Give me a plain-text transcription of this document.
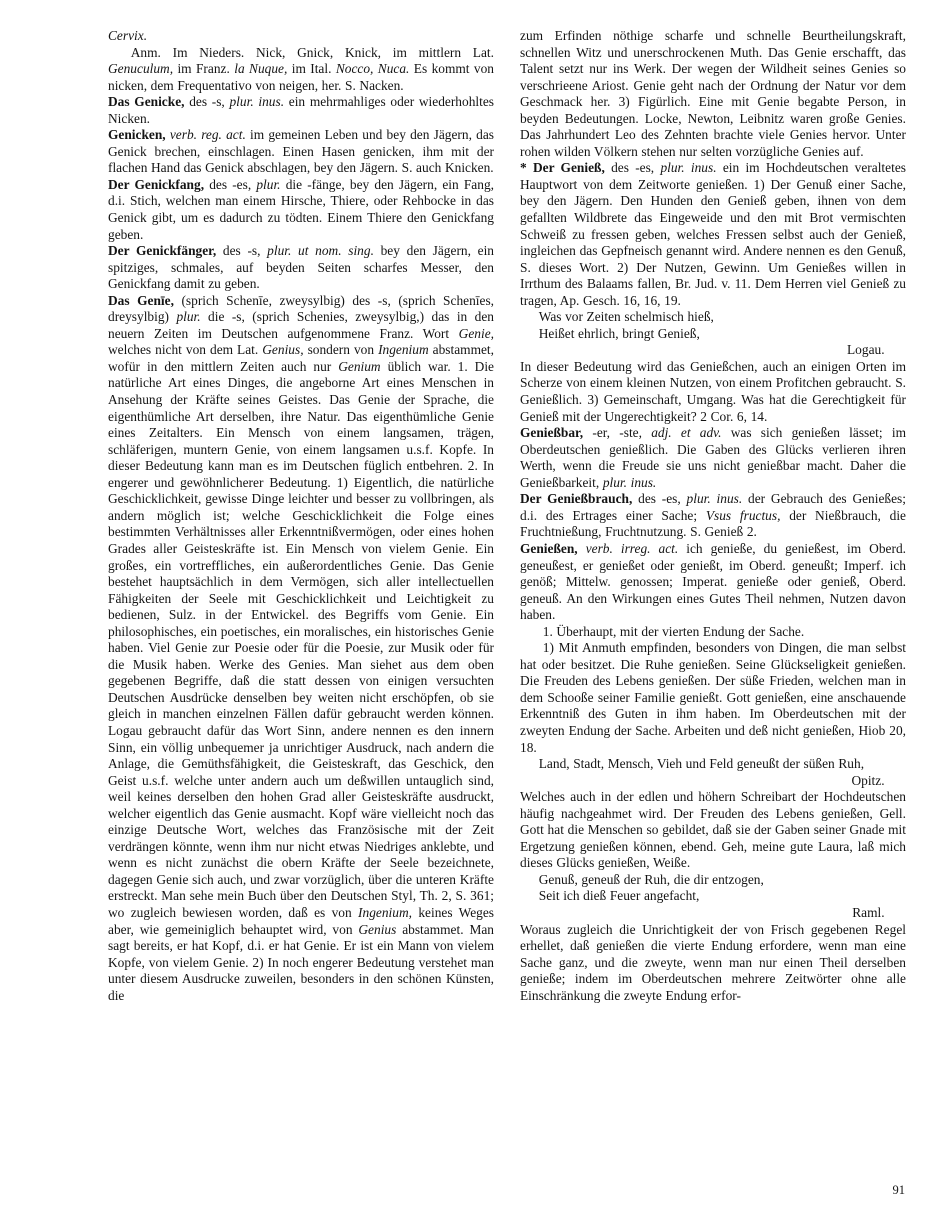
Cervix.

Anm. Im Nieders. Nick, Gnick, Knick, im mittlern Lat. Genuculum, im Franz. la Nuque, im Ital. Nocco, Nuca. Es kommt von nicken, dem Frequentativo von neigen, her. S. Nacken.

Das Genicke, des -s, plur. inus. ein mehrmahliges oder wiederhohltes Nicken.

Genicken, verb. reg. act. im gemeinen Leben und bey den Jägern, das Genick brechen, einschlagen. Einen Hasen genicken, ihm mit der flachen Hand das Genick abschlagen, bey den Jägern. S. auch Knicken.

Der Genickfang, des -es, plur. die -fänge, bey den Jägern, ein Fang, d.i. Stich, welchen man einem Hirsche, Thiere, oder Rehbocke in das Genick gibt, um es dadurch zu tödten. Einem Thiere den Genickfang geben.

Der Genickfänger, des -s, plur. ut nom. sing. bey den Jägern, ein spitziges, schmales, auf beyden Seiten scharfes Messer, den Genickfang damit zu geben.

Das Genīe, (sprich Schenīe, zweysylbig) des -s, (sprich Schenīes, dreysylbig) plur. die -s, (sprich Schenies, zweysylbig,) das in den neuern Zeiten im Deutschen aufgenommene Franz. Wort Genie, welches nicht von dem Lat. Genius, sondern von Ingenium abstammet, wofür in den mittlern Zeiten auch nur Genium üblich war. 1. Die natürliche Art eines Dinges, die angeborne Art eines Menschen in Ansehung der Kräfte seines Geistes. Das Genie der Sprache, die eigenthümliche Art derselben, ihre Natur. Das eigenthümliche Genie eines Zeitalters. Ein Mensch von einem langsamen, trägen, schläferigen, muntern Genie, von einem langsamen u.s.f. Kopfe. In dieser Bedeutung kann man es im Deutschen füglich entbehren. 2. In engerer und gewöhnlicherer Bedeutung. 1) Eigentlich, die natürliche Geschicklichkeit, gewisse Dinge leichter und besser zu vollbringen, als andern möglich ist; welche Geschicklichkeit die Folge eines bestimmten Verhältnisses aller Erkenntnißvermögen, oder eines hohen Grades aller Geisteskräfte ist. Ein Mensch von vielem Genie. Ein großes, ein vortreffliches, ein außerordentliches Genie. Das Genie bestehet hauptsächlich in dem Vermögen, sich aller intellectuellen Fähigkeiten der Seele mit Geschicklichkeit und Leichtigkeit zu bedienen, Sulz. in der Entwickel. des Begriffs vom Genie. Ein philosophisches, ein poetisches, ein moralisches, ein historisches Genie haben. Viel Genie zur Poesie oder für die Poesie, zur Musik oder für die Musik haben. Werke des Genies. Man siehet aus dem oben gegebenen Begriffe, daß die statt dessen von einigen versuchten Deutschen Ausdrücke denselben bey weiten nicht erschöpfen, ob sie gleich in manchen einzelnen Fällen dafür gebraucht werden können. Logau gebraucht dafür das Wort Sinn, andere nennen es den innern Sinn, ein völlig unbequemer ja unrichtiger Ausdruck, nach andern die Anlage, die Gemüthsfähigkeit, die Geisteskraft, das Geschick, den Geist u.s.f. welche unter andern auch um deßwillen untauglich sind, weil keines derselben den hohen Grad aller Geisteskräfte ausdruckt, welcher eigentlich das Genie ausmacht. Kopf wäre vielleicht noch das einzige Deutsche Wort, welches das Französische mit der Zeit verdrängen könnte, wenn ihm nur nicht etwas Niedriges anklebte, und wenn es nicht zunächst die obern Kräfte der Seele bezeichnete, dagegen Genie sich auch, und zwar vorzüglich, über die unteren Kräfte erstreckt. Man sehe mein Buch über den Deutschen Styl, Th. 2, S. 361; wo zugleich bewiesen worden, daß es von Ingenium, keines Weges aber, wie gemeiniglich behauptet wird, von Genius abstammet. Man sagt bereits, er hat Kopf, d.i. er hat Genie. Er ist ein Mann von vielem Kopfe, von vielem Genie. 2) In noch engerer Bedeutung verstehet man unter diesem Ausdrucke zuweilen, besonders in den schönen Künsten, die

zum Erfinden nöthige scharfe und schnelle Beurtheilungskraft, schnellen Witz und unerschrockenen Muth. Das Genie erschafft, das Talent setzt nur ins Werk. Der wegen der Wildheit seines Genies so verschrieene Ariost. Genie geht nach der Ordnung der Natur vor dem Geschmack her. 3) Figürlich. Eine mit Genie begabte Person, in beyden Bedeutungen. Locke, Newton, Leibnitz waren große Genies. Das Jahrhundert Leo des Zehnten brachte viele Genies hervor. Unter rohen wilden Völkern stehen nur selten vorzügliche Genies auf.

* Der Genieß, des -es, plur. inus. ein im Hochdeutschen veraltetes Hauptwort von dem Zeitworte genießen. 1) Der Genuß einer Sache, bey den Jägern. Den Hunden den Genieß geben, ihnen von dem gefallten Wildbrete das Eingeweide und den mit Brot vermischten Schweiß zu fressen geben, welches Fressen selbst auch der Genieß, ingleichen das Gepfneisch genannt wird. Andere nennen es den Genuß, S. dieses Wort. 2) Der Nutzen, Gewinn. Um Genießes willen in Irrthum des Balaams fallen, Br. Jud. v. 11. Dem Herren viel Genieß zu tragen, Ap. Gesch. 16, 16, 19.

Was vor Zeiten schelmisch hieß,

Heißet ehrlich, bringt Genieß,

Logau.

In dieser Bedeutung wird das Genießchen, auch an einigen Orten im Scherze von einem kleinen Nutzen, von einem Profitchen gebraucht. S. Genießlich. 3) Gemeinschaft, Umgang. Was hat die Gerechtigkeit für Genieß mit der Ungerechtigkeit? 2 Cor. 6, 14.

Genießbar, -er, -ste, adj. et adv. was sich genießen lässet; im Oberdeutschen genießlich. Die Gaben des Glücks verlieren ihren Werth, wenn die Freude sie uns nicht genießbar macht. Daher die Genießbarkeit, plur. inus.

Der Genießbrauch, des -es, plur. inus. der Gebrauch des Genießes; d.i. des Ertrages einer Sache; Vsus fructus, der Nießbrauch, die Fruchtnießung, Fruchtnutzung. S. Genieß 2.

Genießen, verb. irreg. act. ich genieße, du genießest, im Oberd. geneußest, er genießet oder genießt, im Oberd. geneußt; Imperf. ich genöß; Mittelw. genossen; Imperat. genieße oder genieß, Oberd. geneuß. An den Wirkungen eines Gutes Theil nehmen, Nutzen davon haben.

1. Überhaupt, mit der vierten Endung der Sache.

1) Mit Anmuth empfinden, besonders von Dingen, die man selbst hat oder besitzet. Die Ruhe genießen. Seine Glückseligkeit genießen. Die Freuden des Lebens genießen. Der süße Frieden, welchen man in dem Schooße seiner Familie genießt. Gott genießen, eine anschauende Erkenntniß des Guten in ihm haben. Im Oberdeutschen mit der zweyten Endung der Sache. Arbeiten und deß nicht genießen, Hiob 20, 18.

Land, Stadt, Mensch, Vieh und Feld geneußt der süßen Ruh,

Opitz.

Welches auch in der edlen und höhern Schreibart der Hochdeutschen häufig nachgeahmet wird. Der Freuden des Lebens genießen, Gell. Gott hat die Menschen so gebildet, daß sie der Gaben seiner Gnade mit Ergetzung genießen können, ebend. Geh, meine gute Laura, laß mich dieses Glücks genießen, Weiße.

Genuß, geneuß der Ruh, die dir entzogen,

Seit ich dieß Feuer angefacht,

Raml.

Woraus zugleich die Unrichtigkeit der von Frisch gegebenen Regel erhellet, daß genießen die vierte Endung erfordere, wenn man eine Sache ganz, und die zweyte, wenn man nur einen Theil derselben genieße; indem im Oberdeutschen mehrere Zeitwörter ohne alle Einschränkung die zweyte Endung erfor-

91
